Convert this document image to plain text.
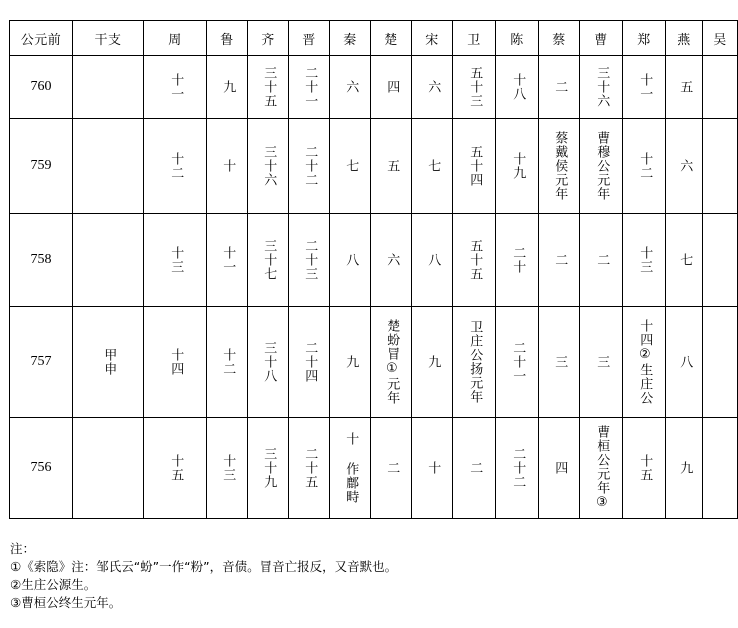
公元前	干支	周	鲁	齐	晋	秦	楚	宋	卫	陈	蔡	曹	郑	燕	吴
760		十一	九	三十五	二十一	六	四	六	五十三	十八	二	三十六	十一	五	

759		十二	十	三十六	二十二	七	五	七	五十四	十九	蔡戴侯元年	曹穆公元年	十二	六	

758		十三	十一	三十七	二十三	八	六	八	五十五	二十	二	二	十三	七	

757	甲申	十四	十二	三十八	二十四	九	楚蚡冒①元年	九	卫庄公扬元年	二十一	三	三	十四②生庄公	八	

756		十五	十三	三十九	二十五	十 作鄜畤	二	十	二	二十二	四	曹桓公元年③	十五	九	

注：
①《索隐》注：邹氏云“蚡”一作“粉”，音债。冒音亡报反，又音默也。
②生庄公源生。
③曹桓公终生元年。
